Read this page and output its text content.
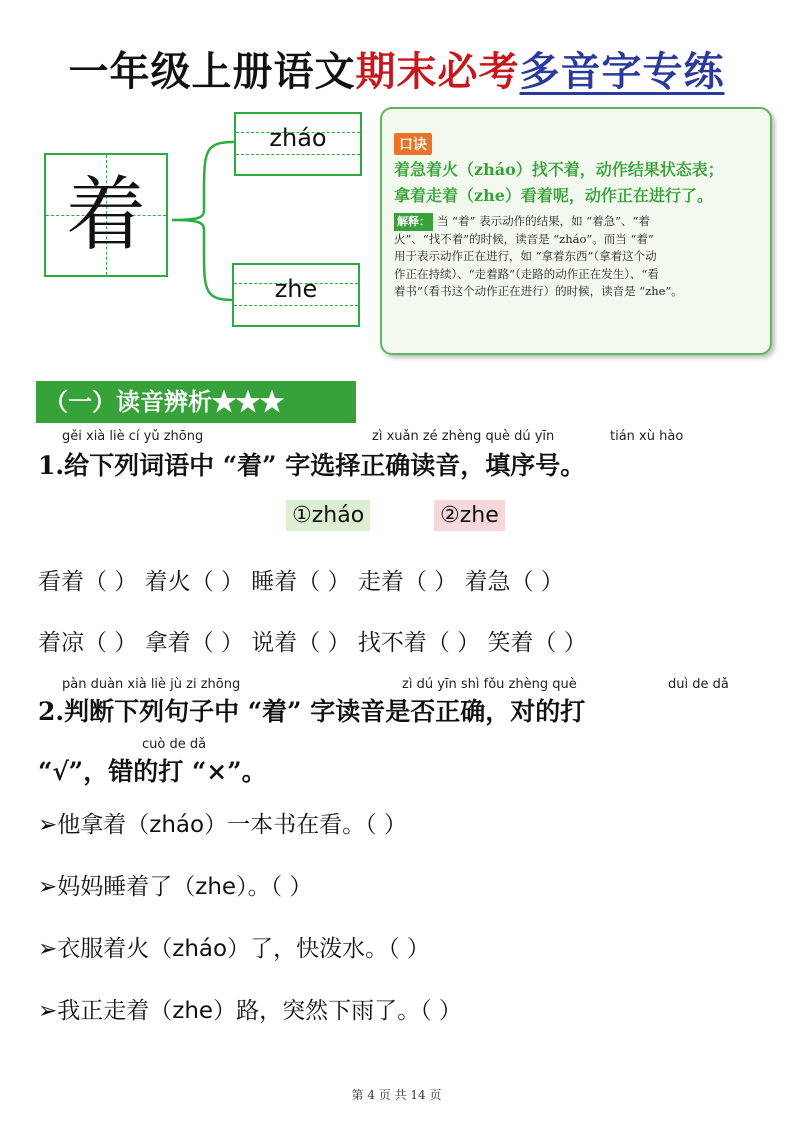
一年级上册语文期末必考多音字专练
着
zháo
zhe
口诀
着急着火（zháo）找不着，动作结果状态表；
拿着走着（zhe）看着呢，动作正在进行了。
解释： 当 “着” 表示动作的结果，如 “着急”、“着
火”、“找不着”的时候，读音是 “zháo”。而当 “着”
用于表示动作正在进行，如 “拿着东西”（拿着这个动
作正在持续）、“走着路”（走路的动作正在发生）、“看
着书”（看书这个动作正在进行）的时候，读音是 “zhe”。
（一）读音辨析★★★
gěi xià liè cí yǔ zhōng	zì xuǎn zé zhèng què dú yīn	tián xù hào
1.给下列词语中 “着” 字选择正确读音，填序号。
①zháo	②zhe
看着（ ） 着火（ ） 睡着（ ） 走着（ ） 着急（ ）
着凉（ ） 拿着（ ） 说着（ ） 找不着（ ） 笑着（ ）
pàn duàn xià liè jù zi zhōng	zì dú yīn shì fǒu zhèng què	duì de dǎ
2.判断下列句子中 “着” 字读音是否正确，对的打
cuò de dǎ
“√”，错的打 “×”。
➢他拿着（zháo）一本书在看。（ ）
➢妈妈睡着了（zhe）。（ ）
➢衣服着火（zháo）了，快泼水。（ ）
➢我正走着（zhe）路，突然下雨了。（ ）
第 4 页 共 14 页
